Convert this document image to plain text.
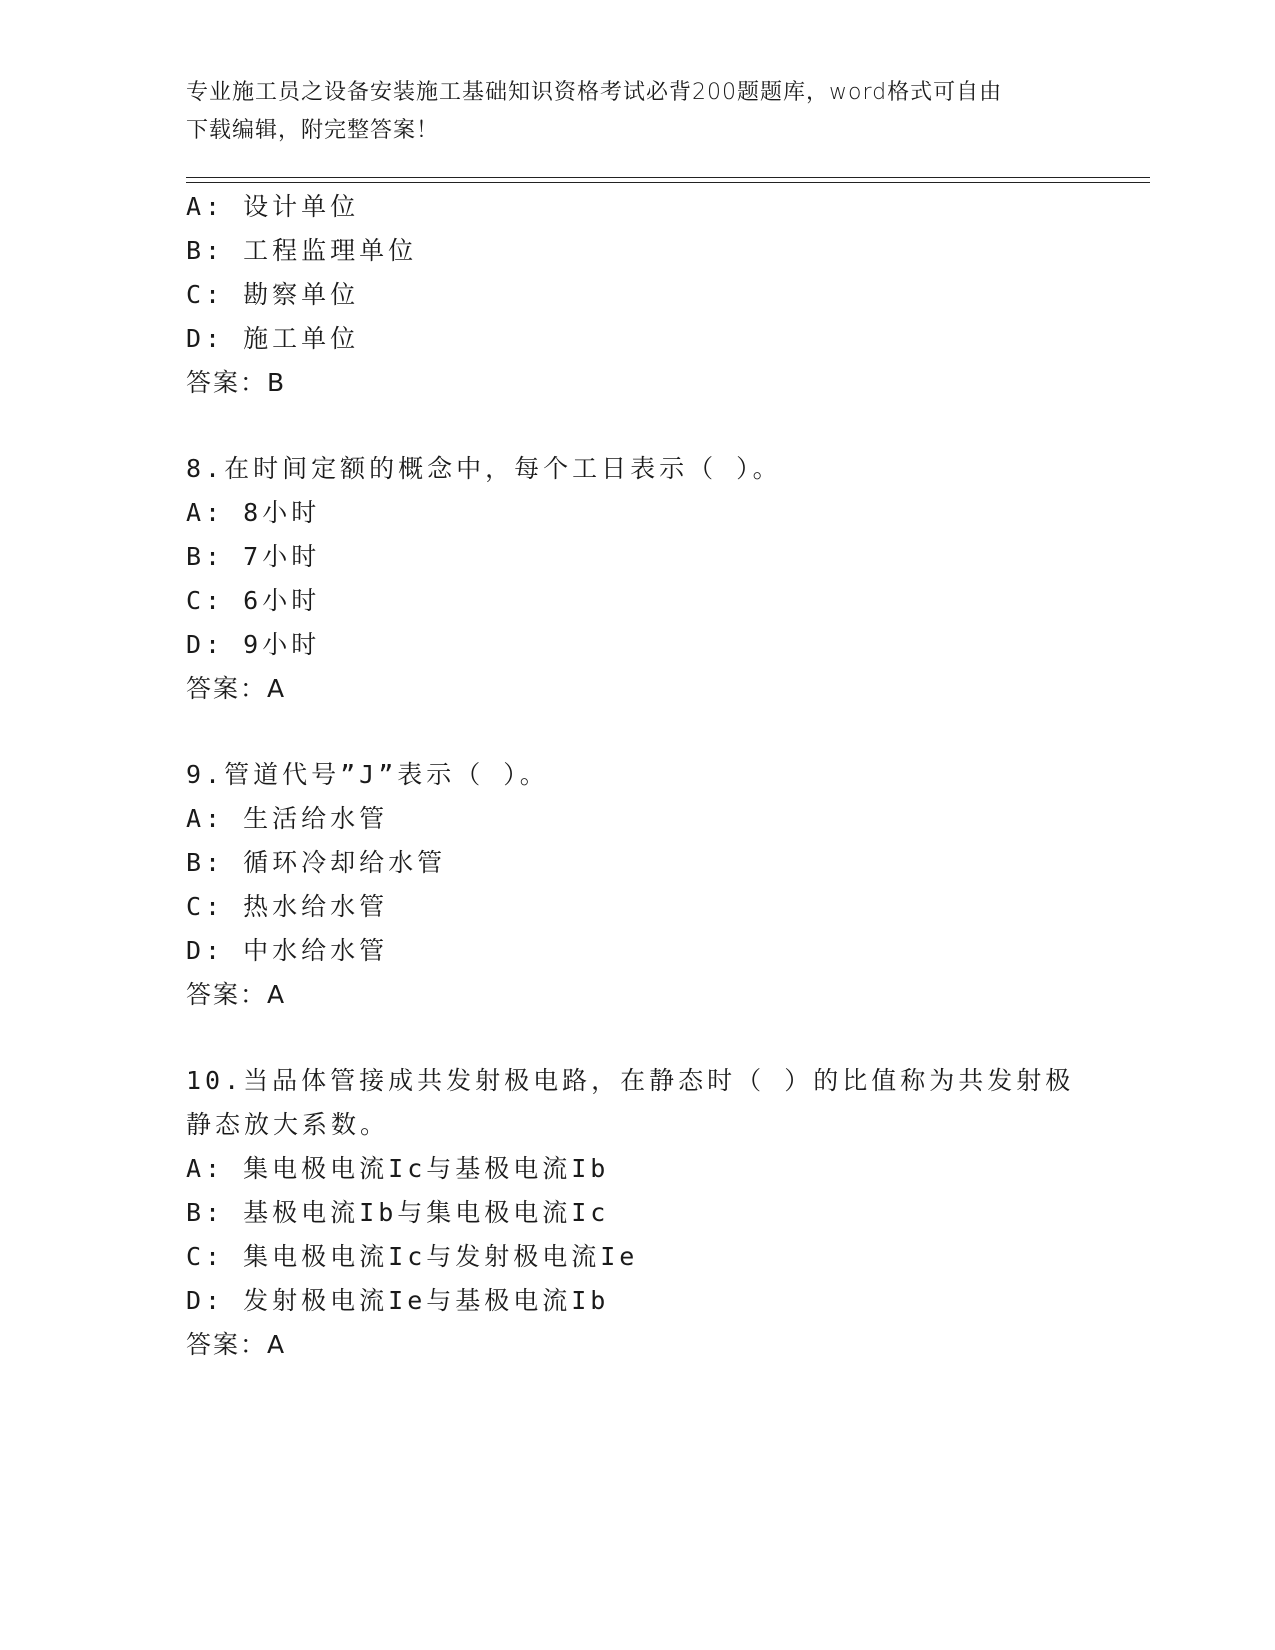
专业施工员之设备安装施工基础知识资格考试必背200题题库，word格式可自由
下载编辑，附完整答案！
A: 设计单位
B: 工程监理单位
C: 勘察单位
D: 施工单位
答案：B
8.在时间定额的概念中，每个工日表示（ ）。
A: 8小时
B: 7小时
C: 6小时
D: 9小时
答案：A
9.管道代号”J”表示（ ）。
A: 生活给水管
B: 循环冷却给水管
C: 热水给水管
D: 中水给水管
答案：A
10.当品体管接成共发射极电路，在静态时（ ）的比值称为共发射极
静态放大系数。
A: 集电极电流Ic与基极电流Ib
B: 基极电流Ib与集电极电流Ic
C: 集电极电流Ic与发射极电流Ie
D: 发射极电流Ie与基极电流Ib
答案：A
